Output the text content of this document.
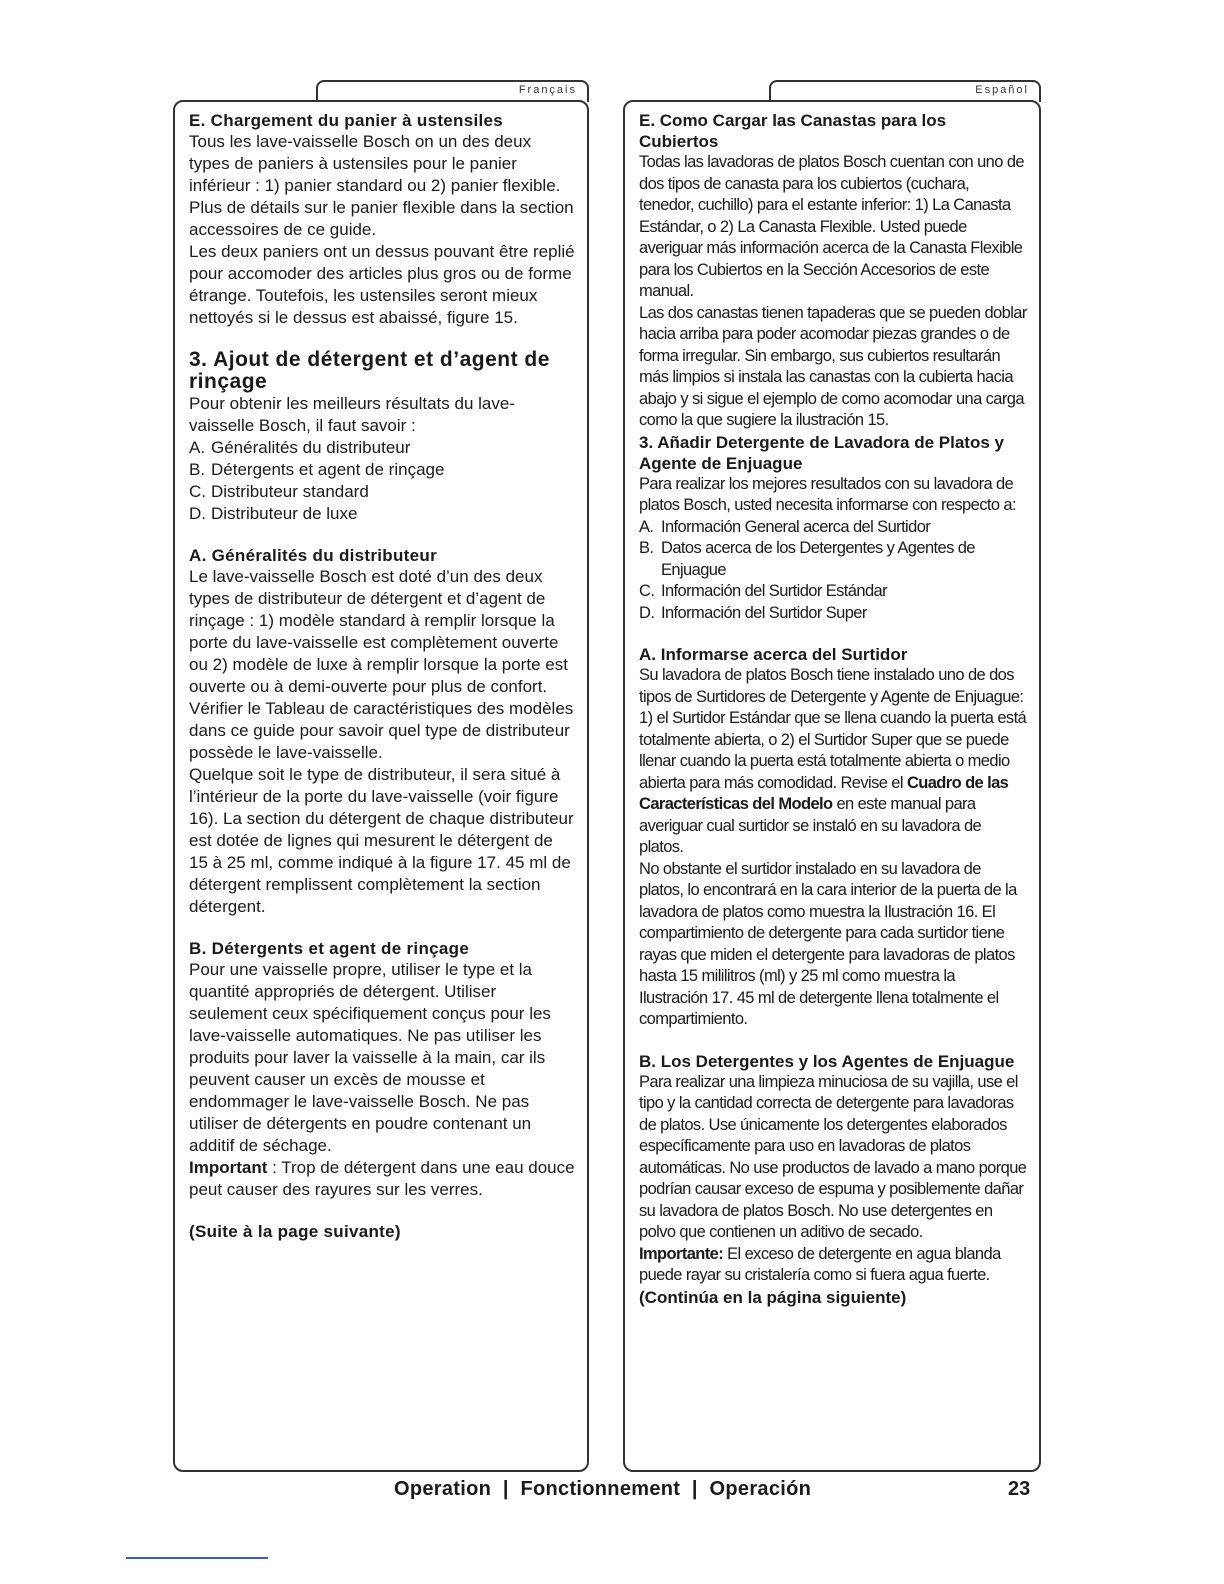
Français
E. Chargement du panier à ustensiles

Tous les lave-vaisselle Bosch on un des deux types de paniers à ustensiles pour le panier inférieur : 1) panier standard ou 2) panier flexible. Plus de détails sur le panier flexible dans la section accessoires de ce guide.

Les deux paniers ont un dessus pouvant être replié pour accomoder des articles plus gros ou de forme étrange. Toutefois, les ustensiles seront mieux nettoyés si le dessus est abaissé, figure 15.

3. Ajout de détergent et d’agent de rinçage

Pour obtenir les meilleurs résultats du lave-vaisselle Bosch, il faut savoir :

A. Généralités du distributeur
B. Détergents et agent de rinçage
C. Distributeur standard
D. Distributeur de luxe
A. Généralités du distributeur

Le lave-vaisselle Bosch est doté d’un des deux types de distributeur de détergent et d’agent de rinçage : 1) modèle standard à remplir lorsque la porte du lave-vaisselle est complètement ouverte ou 2) modèle de luxe à remplir lorsque la porte est ouverte ou à demi-ouverte pour plus de confort. Vérifier le Tableau de caractéristiques des modèles dans ce guide pour savoir quel type de distributeur possède le lave-vaisselle.

Quelque soit le type de distributeur, il sera situé à l’intérieur de la porte du lave-vaisselle (voir figure 16). La section du détergent de chaque distributeur est dotée de lignes qui mesurent le détergent de 15 à 25 ml, comme indiqué à la figure 17. 45 ml de détergent remplissent complètement la section détergent.

B. Détergents et agent de rinçage

Pour une vaisselle propre, utiliser le type et la quantité appropriés de détergent. Utiliser seulement ceux spécifiquement conçus pour les lave-vaisselle automatiques. Ne pas utiliser les produits pour laver la vaisselle à la main, car ils peuvent causer un excès de mousse et endommager le lave-vaisselle Bosch. Ne pas utiliser de détergents en poudre contenant un additif de séchage.

Important : Trop de détergent dans une eau douce peut causer des rayures sur les verres.

(Suite à la page suivante)
Español
E. Como Cargar las Canastas para los Cubiertos

Todas las lavadoras de platos Bosch cuentan con uno de dos tipos de canasta para los cubiertos (cuchara, tenedor, cuchillo) para el estante inferior: 1) La Canasta Estándar, o 2) La Canasta Flexible. Usted puede averiguar más información acerca de la Canasta Flexible para los Cubiertos en la Sección Accesorios de este manual.

Las dos canastas tienen tapaderas que se pueden doblar hacia arriba para poder acomodar piezas grandes o de forma irregular. Sin embargo, sus cubiertos resultarán más limpios si instala las canastas con la cubierta hacia abajo y si sigue el ejemplo de como acomodar una carga como la que sugiere la ilustración 15.

3. Añadir Detergente de Lavadora de Platos y Agente de Enjuague

Para realizar los mejores resultados con su lavadora de platos Bosch, usted necesita informarse con respecto a:

A. Información General acerca del Surtidor
B. Datos acerca de los Detergentes y Agentes de Enjuague
C. Información del Surtidor Estándar
D. Información del Surtidor Super
A. Informarse acerca del Surtidor

Su lavadora de platos Bosch tiene instalado uno de dos tipos de Surtidores de Detergente y Agente de Enjuague: 1) el Surtidor Estándar que se llena cuando la puerta está totalmente abierta, o 2) el Surtidor Super que se puede llenar cuando la puerta está totalmente abierta o medio abierta para más comodidad. Revise el Cuadro de las Características del Modelo en este manual para averiguar cual surtidor se instaló en su lavadora de platos.

No obstante el surtidor instalado en su lavadora de platos, lo encontrará en la cara interior de la puerta de la lavadora de platos como muestra la Ilustración 16. El compartimiento de detergente para cada surtidor tiene rayas que miden el detergente para lavadoras de platos hasta 15 mililitros (ml) y 25 ml como muestra la Ilustración 17. 45 ml de detergente llena totalmente el compartimiento.

B. Los Detergentes y los Agentes de Enjuague

Para realizar una limpieza minuciosa de su vajilla, use el tipo y la cantidad correcta de detergente para lavadoras de platos. Use únicamente los detergentes elaborados específicamente para uso en lavadoras de platos automáticas. No use productos de lavado a mano porque podrían causar exceso de espuma y posiblemente dañar su lavadora de platos Bosch. No use detergentes en polvo que contienen un aditivo de secado.

Importante: El exceso de detergente en agua blanda puede rayar su cristalería como si fuera agua fuerte.

(Continúa en la página siguiente)
Operation  |  Fonctionnement  |  Operación	23
